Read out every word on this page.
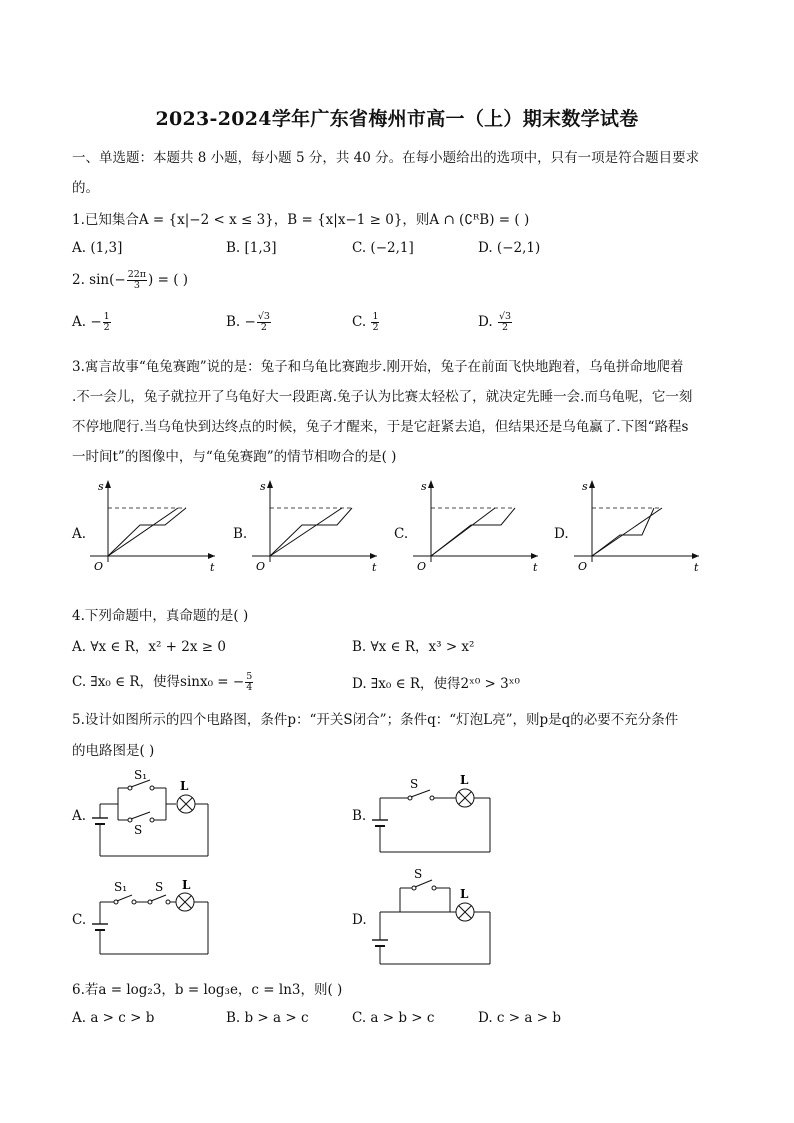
2023-2024学年广东省梅州市高一（上）期末数学试卷
一、单选题：本题共 8 小题，每小题 5 分，共 40 分。在每小题给出的选项中，只有一项是符合题目要求
的。
1.已知集合A = {x|−2 < x ≤ 3}，B = {x|x−1 ≥ 0}，则A ∩ (∁ᴿB) = ( )
A. (1,3]	B. [1,3]	C. (−2,1]	D. (−2,1)
2. $\sin(- \frac{22\pi}{3}$ ) = ( )
A. − $\frac{1}{2}$	B. − $\frac{√3}{2}$	C. $\frac{1}{2}$	D. $\frac{√3}{2}$
3.寓言故事“龟兔赛跑”说的是：兔子和乌龟比赛跑步.刚开始，兔子在前面飞快地跑着，乌龟拼命地爬着
.不一会儿，兔子就拉开了乌龟好大一段距离.兔子认为比赛太轻松了，就决定先睡一会.而乌龟呢，它一刻
不停地爬行.当乌龟快到达终点的时候，兔子才醒来，于是它赶紧去追，但结果还是乌龟赢了.下图“路程s
一时间t”的图像中，与“龟兔赛跑”的情节相吻合的是( )
A.
s
t
O
B.
s
t
O
C.
s
t
O
D.
s
t
O
4.下列命题中，真命题的是( )
A. ∀x ∈ R，x² + 2x ≥ 0	B. ∀x ∈ R，x³ > x²
C. ∃x₀ ∈ R，使得sinx₀ = − $\frac{5}{4}$	D. ∃x₀ ∈ R，使得2ˣ⁰ > 3ˣ⁰
5.设计如图所示的四个电路图，条件p：“开关S闭合”；条件q：“灯泡L亮”，则p是q的必要不充分条件
的电路图是( )
A.
S₁
S
L
B.
S	L
C.
S₁ S L
D.
S
L
6.若a = log₂3，b = log₃e，c = ln3，则( )
A. a > c > b	B. b > a > c	C. a > b > c	D. c > a > b
